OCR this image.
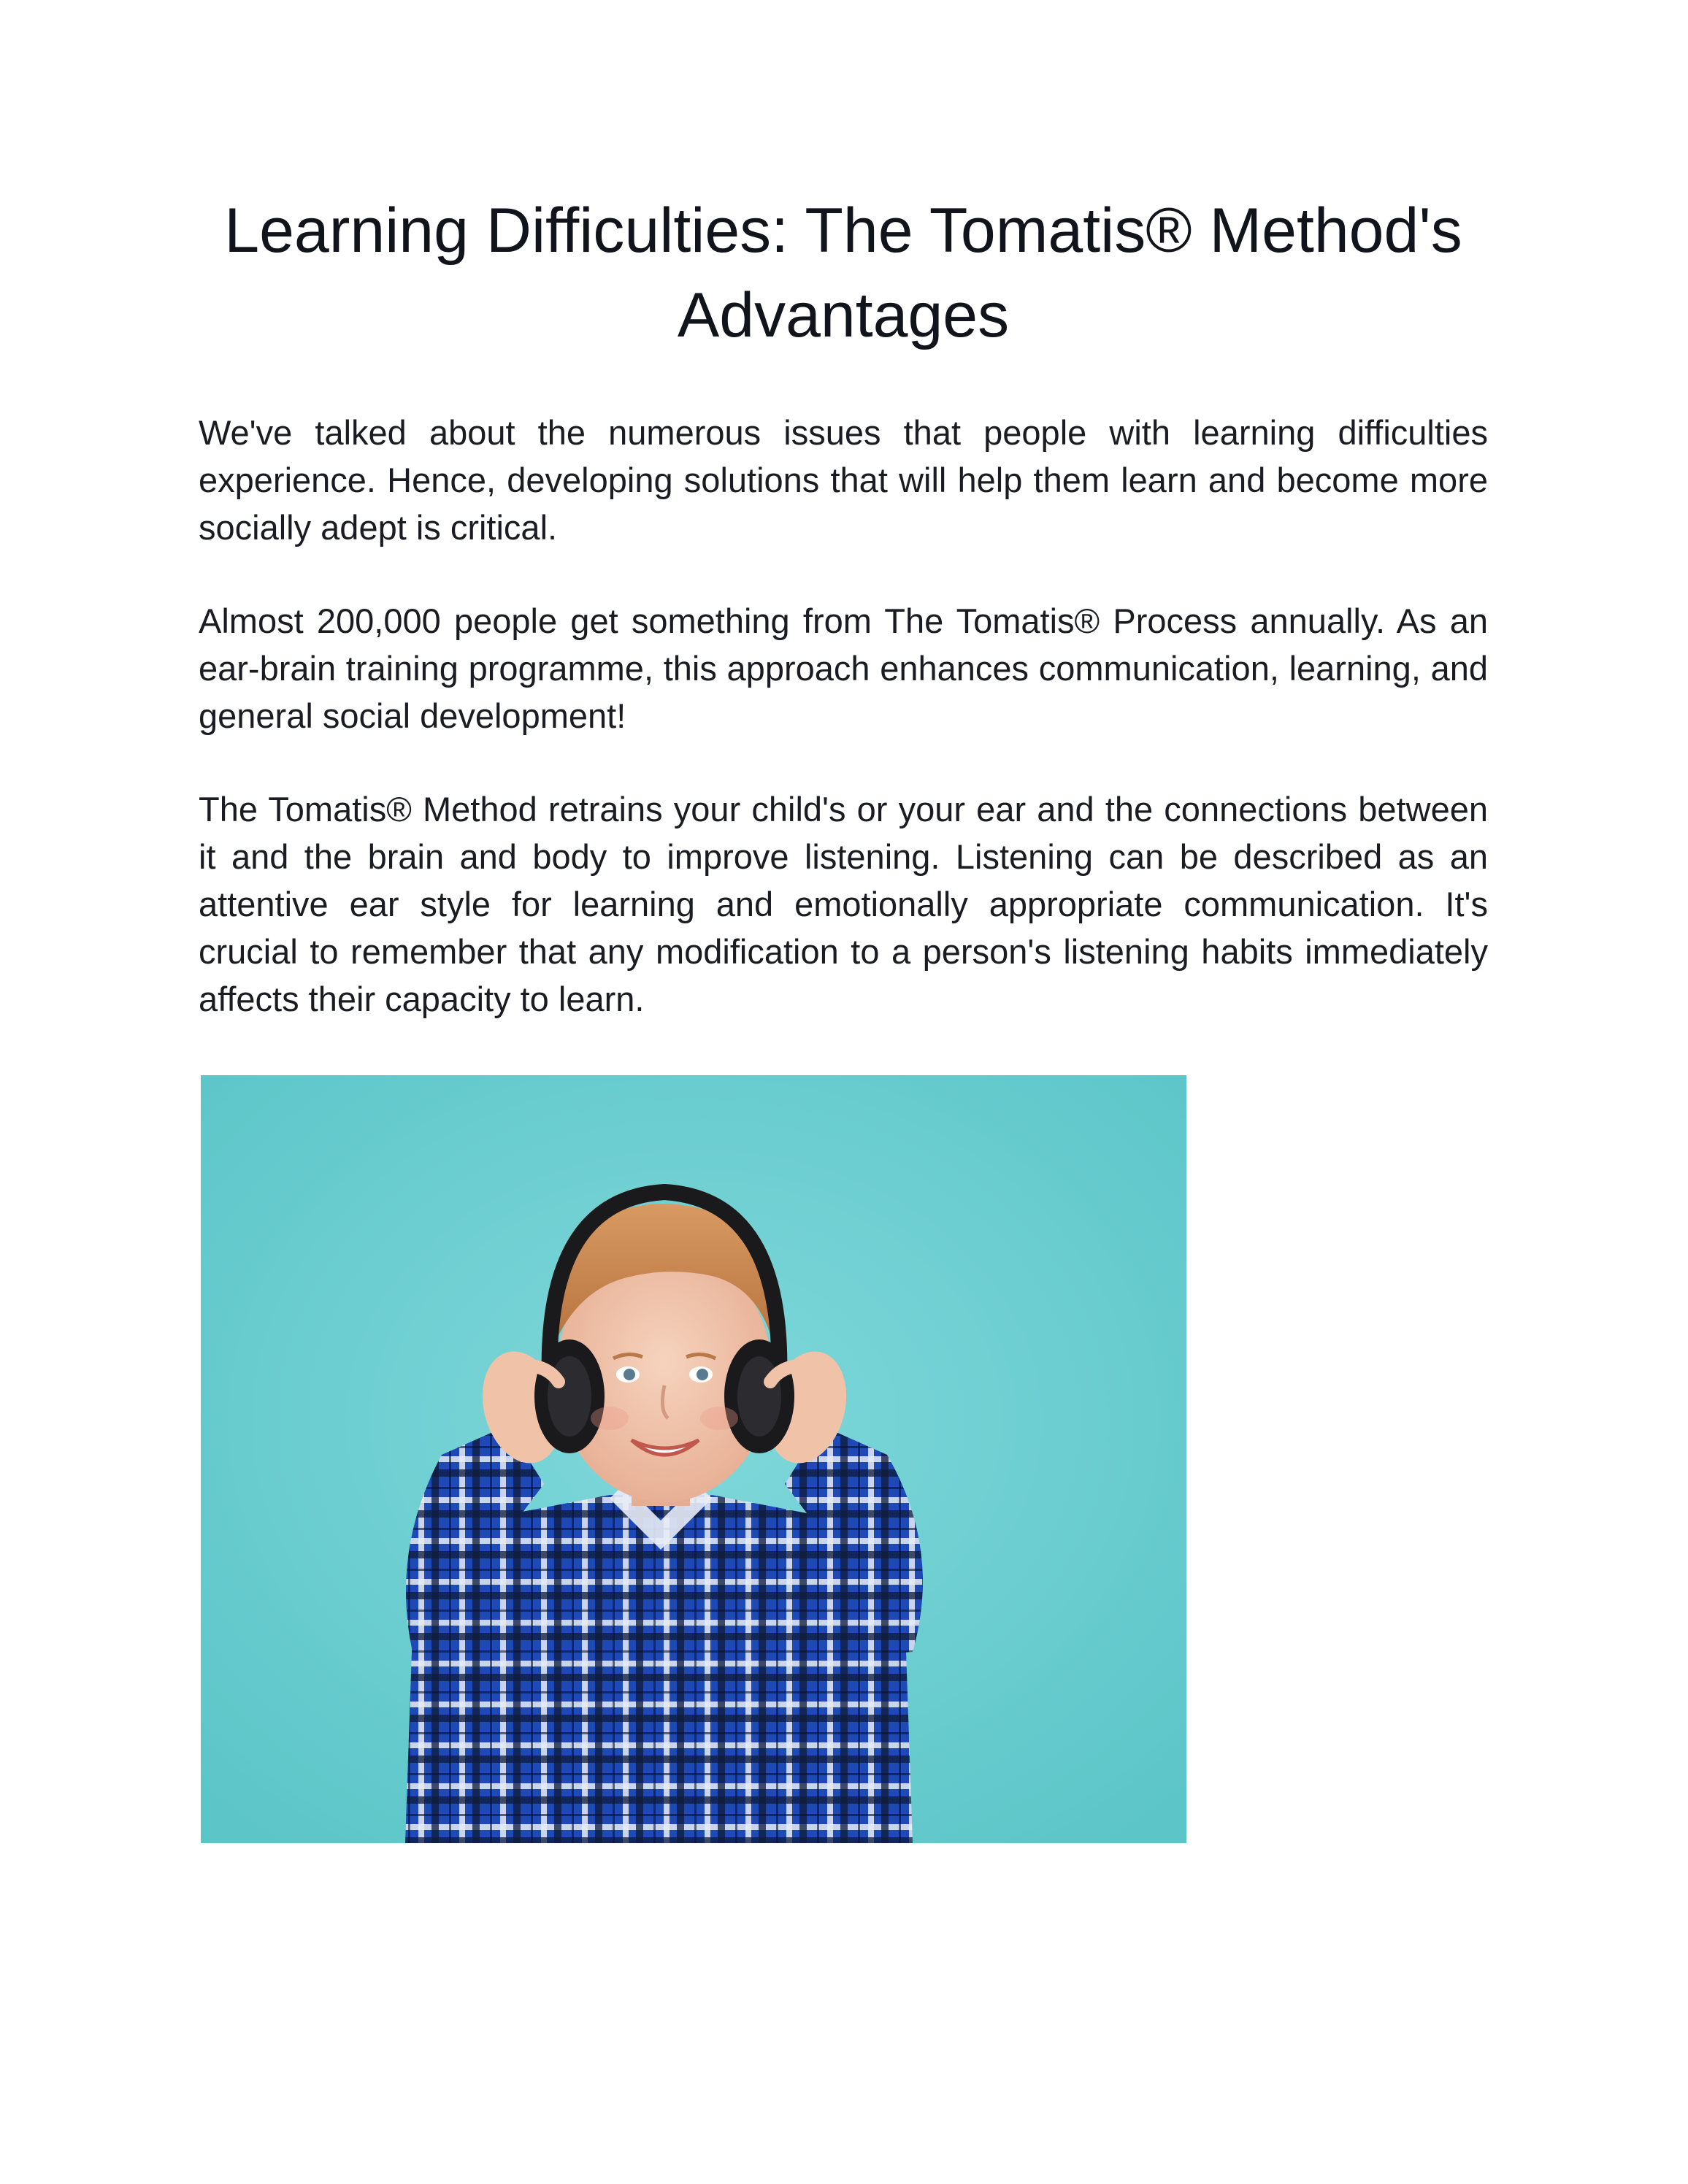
Learning Difficulties: The Tomatis® Method's Advantages

We've talked about the numerous issues that people with learning difficulties experience. Hence, developing solutions that will help them learn and become more socially adept is critical.

Almost 200,000 people get something from The Tomatis® Process annually. As an ear-brain training programme, this approach enhances communication, learning, and general social development!

The Tomatis® Method retrains your child's or your ear and the connections between it and the brain and body to improve listening. Listening can be described as an attentive ear style for learning and emotionally appropriate communication. It's crucial to remember that any modification to a person's listening habits immediately affects their capacity to learn.
